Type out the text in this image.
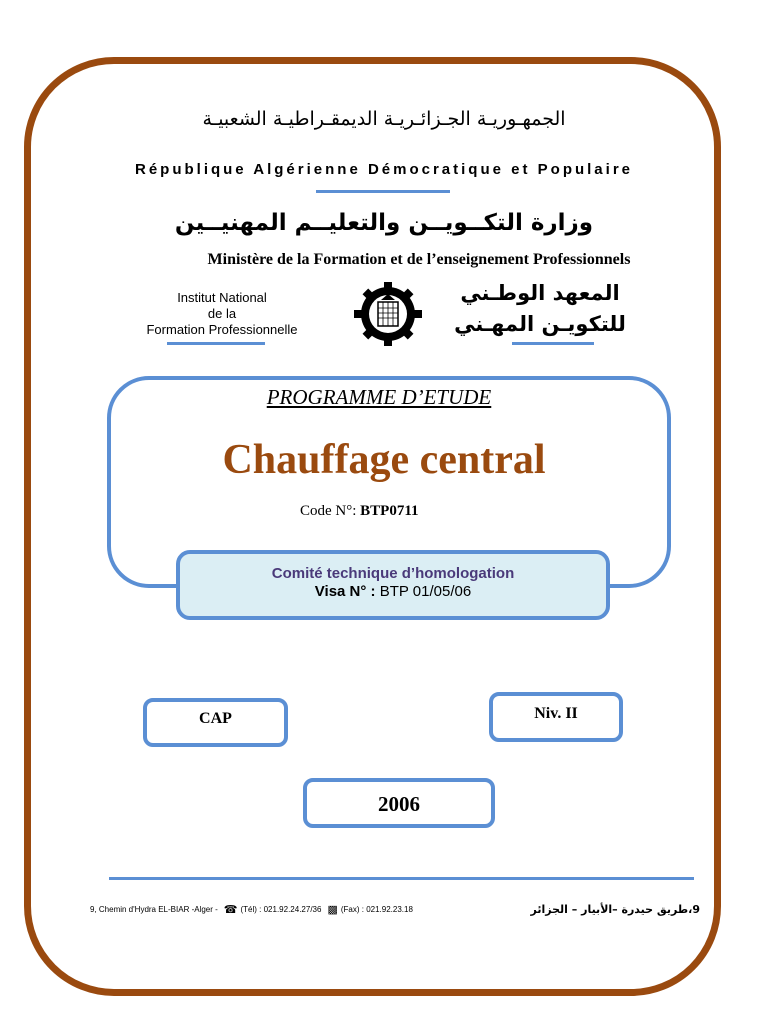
الجمهـوريـة الجـزائـريـة الديمقـراطيـة الشعبيـة
République Algérienne Démocratique et Populaire
وزارة التكــويــن والتعليــم المهنيــين
Ministère de la Formation et de l’enseignement Professionnels
Institut National
de la
Formation Professionnelle
المعهد الوطـني
للتكويـن المهـني
PROGRAMME D’ETUDE
Chauffage central
Code N°: BTP0711
Comité technique d’homologation
Visa N° : BTP 01/05/06
CAP	Niv. II
2006
9, Chemin d'Hydra EL-BIAR -Alger - ☎ (Tél) : 021.92.24.27/36 ▩ (Fax) : 021.92.23.18	9،طريق حيدرة –الأبيار – الجزائر
